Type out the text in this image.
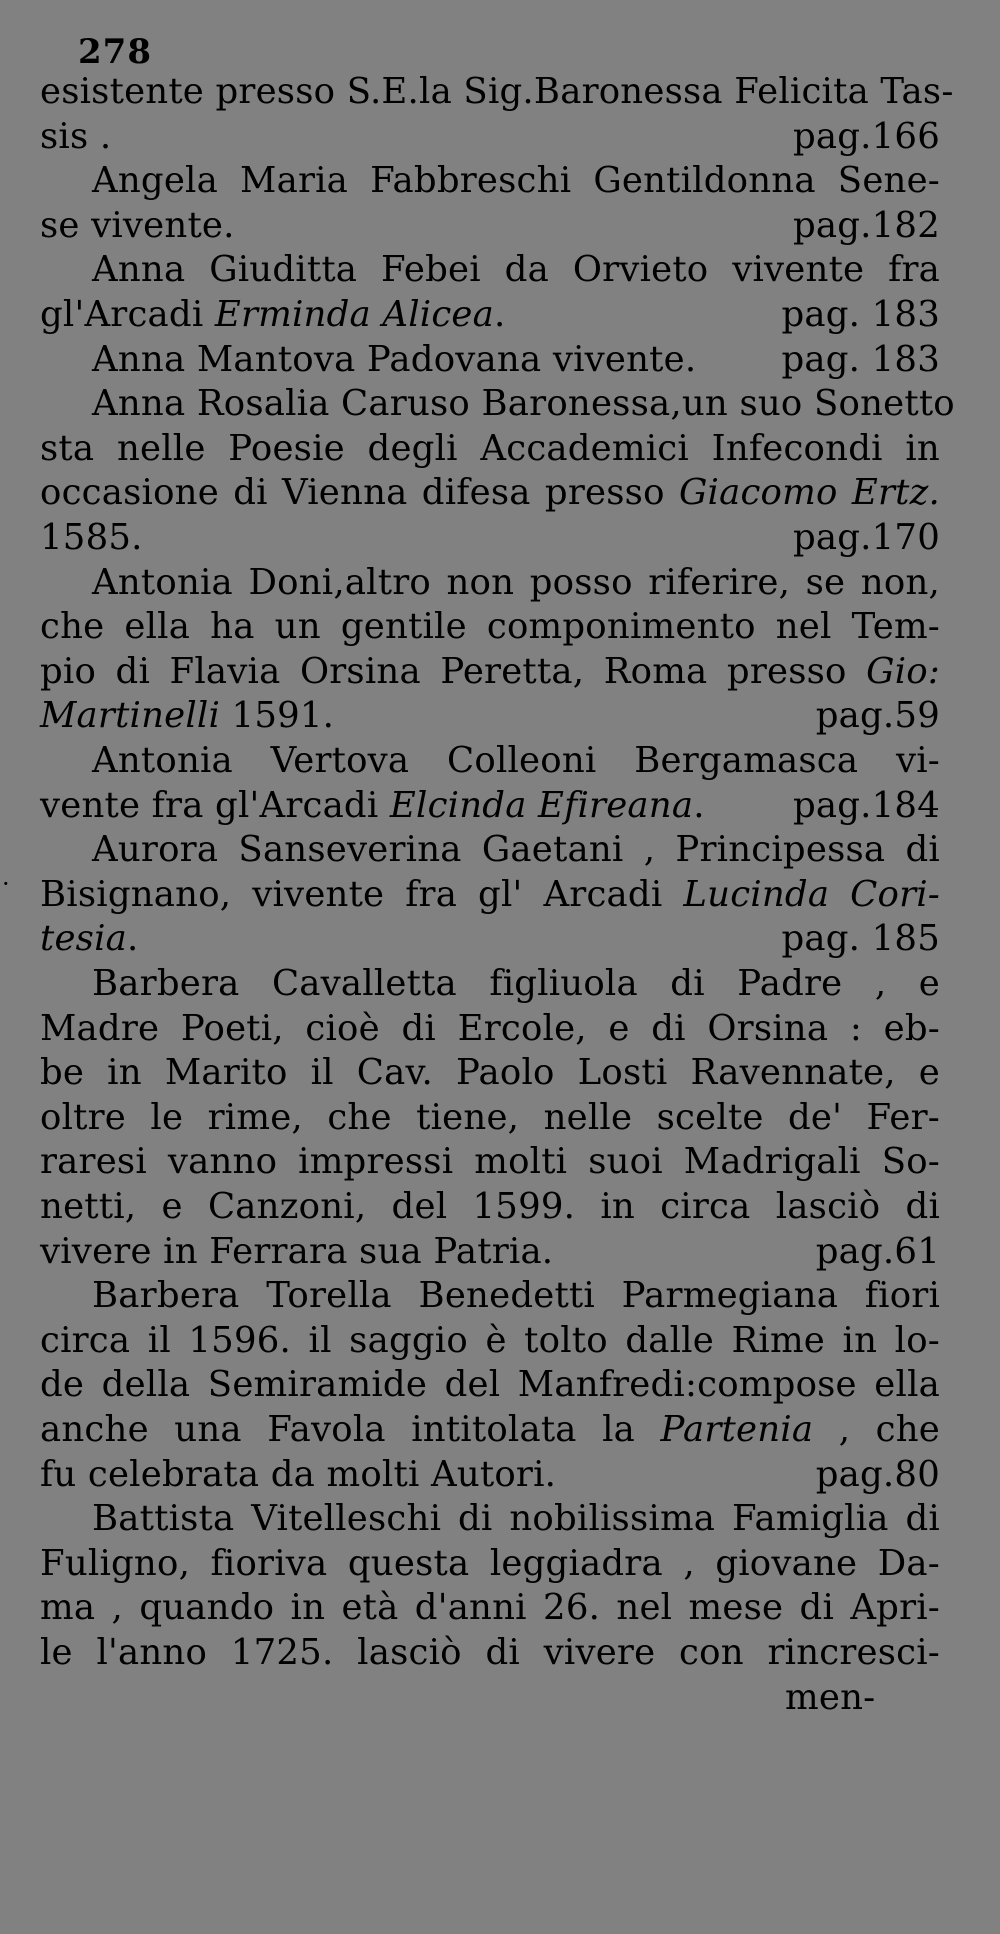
278
esistente presso S.E.la Sig.Baronessa Felicita Tas-
sis .	pag.166
Angela Maria Fabbreschi Gentildonna Sene-
se vivente.	pag.182
Anna Giuditta Febei da Orvieto vivente fra
gl'Arcadi Erminda Alicea.	pag. 183
Anna Mantova Padovana vivente. pag. 183
Anna Rosalia Caruso Baronessa,un suo Sonetto
sta nelle Poesie degli Accademici Infecondi in
occasione di Vienna difesa presso Giacomo Ertz.
1585.	pag.170
Antonia Doni,altro non posso riferire, se non,
che ella ha un gentile componimento nel Tem-
pio di Flavia Orsina Peretta, Roma presso Gio:
Martinelli 1591.	pag.59
Antonia Vertova Colleoni Bergamasca vi-
vente fra gl'Arcadi Elcinda Efireana. pag.184
Aurora Sanseverina Gaetani , Principessa di
Bisignano, vivente fra gl' Arcadi Lucinda Cori-
tesia.	pag. 185
Barbera Cavalletta figliuola di Padre , e
Madre Poeti, cioè di Ercole, e di Orsina : eb-
be in Marito il Cav. Paolo Losti Ravennate, e
oltre le rime, che tiene, nelle scelte de' Fer-
raresi vanno impressi molti suoi Madrigali So-
netti, e Canzoni, del 1599. in circa lasciò di
vivere in Ferrara sua Patria.	pag.61
Barbera Torella Benedetti Parmegiana fiori
circa il 1596. il saggio è tolto dalle Rime in lo-
de della Semiramide del Manfredi:compose ella
anche una Favola intitolata la Partenia , che
fu celebrata da molti Autori.	pag.80
Battista Vitelleschi di nobilissima Famiglia di
Fuligno, fioriva questa leggiadra , giovane Da-
ma , quando in età d'anni 26. nel mese di Apri-
le l'anno 1725. lasciò di vivere con rincresci-
men-
·
